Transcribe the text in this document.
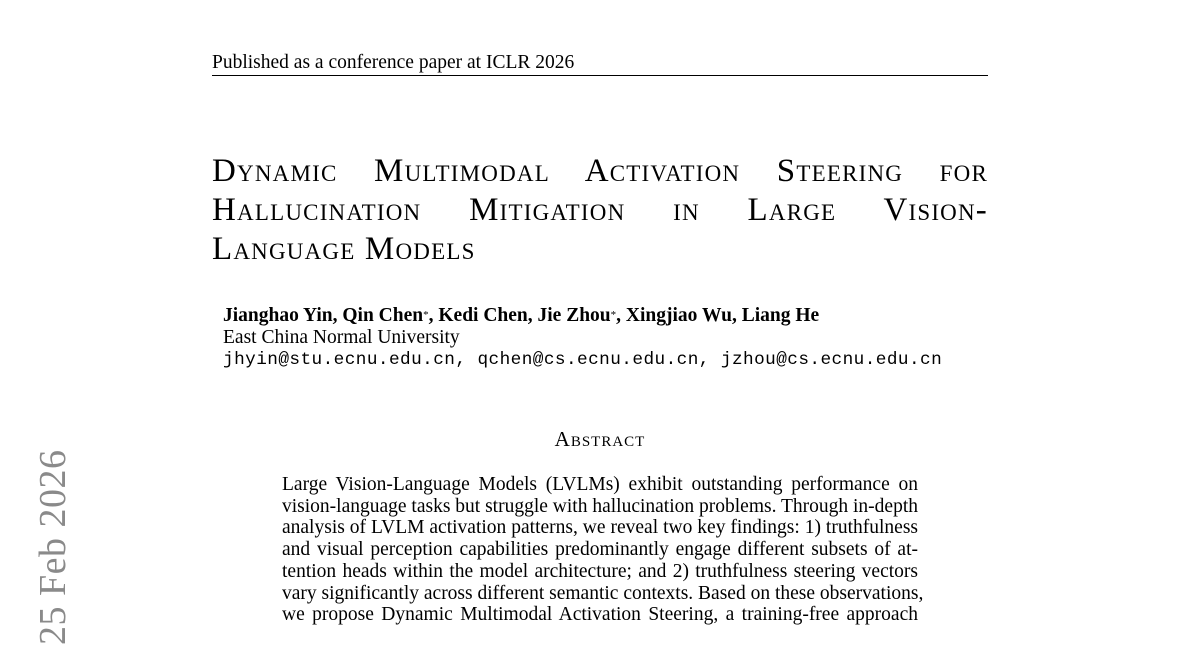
Published as a conference paper at ICLR 2026
Dynamic Multimodal Activation Steering for
Hallucination Mitigation in Large Vision-
Language Models
Jianghao Yin, Qin Chen*, Kedi Chen, Jie Zhou*, Xingjiao Wu, Liang He
East China Normal University
jhyin@stu.ecnu.edu.cn, qchen@cs.ecnu.edu.cn, jzhou@cs.ecnu.edu.cn
Abstract
Large Vision-Language Models (LVLMs) exhibit outstanding performance on
vision-language tasks but struggle with hallucination problems. Through in-depth
analysis of LVLM activation patterns, we reveal two key findings: 1) truthfulness
and visual perception capabilities predominantly engage different subsets of at-
tention heads within the model architecture; and 2) truthfulness steering vectors
vary significantly across different semantic contexts. Based on these observations,
we propose Dynamic Multimodal Activation Steering, a training-free approach
25 Feb 2026
